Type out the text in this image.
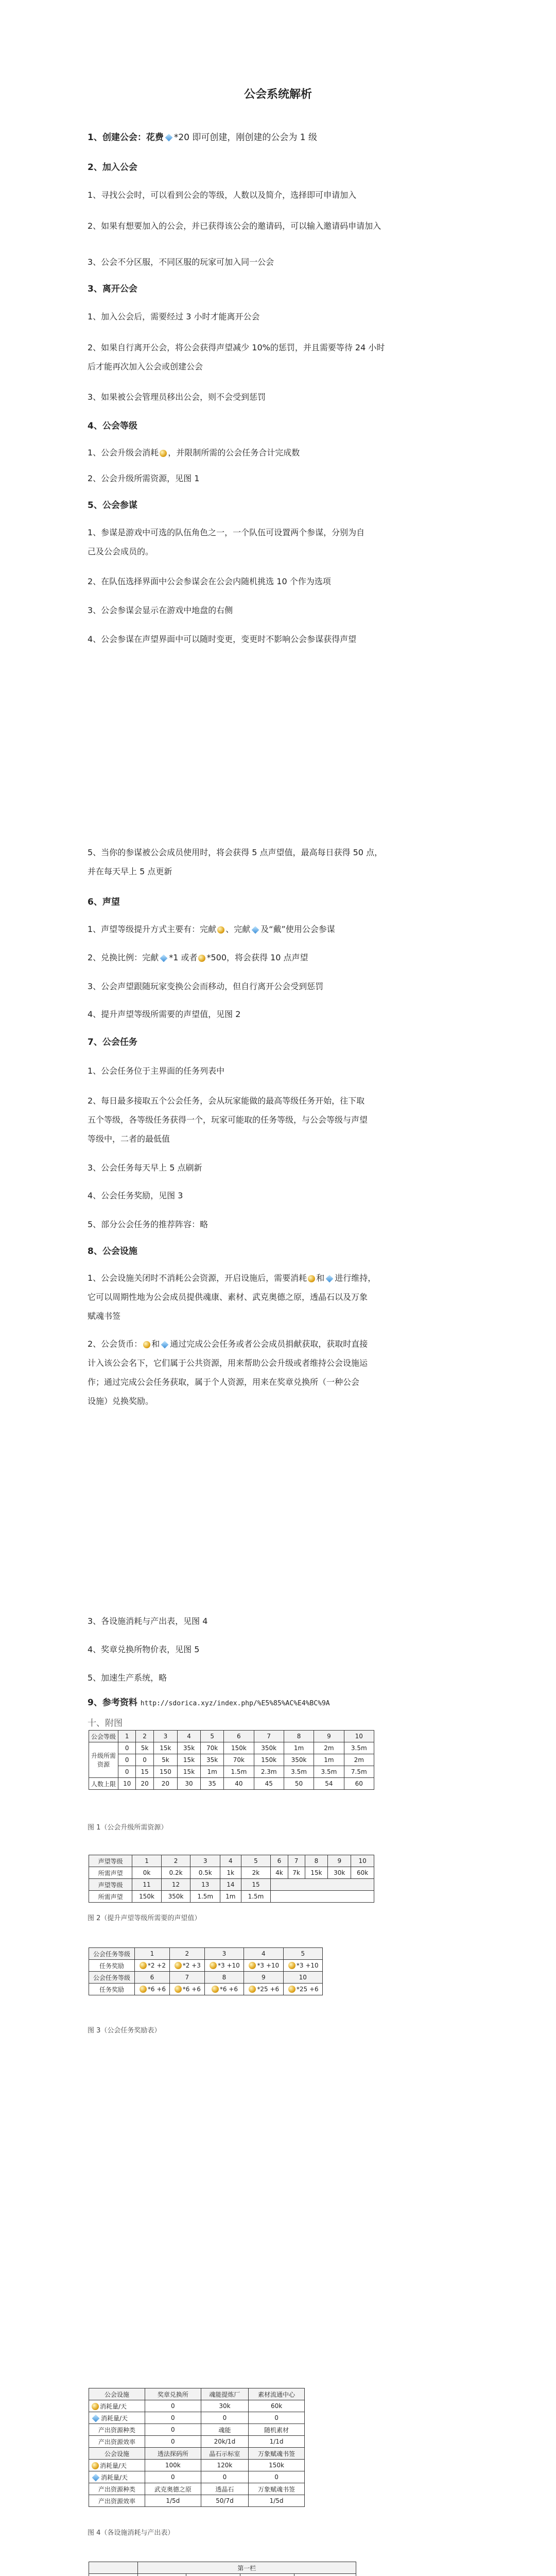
公会系统解析
1、创建公会：花费 *20 即可创建，刚创建的公会为 1 级
2、加入公会
1、寻找公会时，可以看到公会的等级，人数以及简介，选择即可申请加入
2、如果有想要加入的公会，并已获得该公会的邀请码，可以输入邀请码申请加入
3、公会不分区服，不同区服的玩家可加入同一公会
3、离开公会
1、加入公会后，需要经过 3 小时才能离开公会
2、如果自行离开公会，将公会获得声望减少 10%的惩罚，并且需要等待 24 小时
后才能再次加入公会或创建公会
3、如果被公会管理员移出公会，则不会受到惩罚
4、公会等级
1、公会升级会消耗 ，并限制所需的公会任务合计完成数
2、公会升级所需资源，见图 1
5、公会参谋
1、参谋是游戏中可选的队伍角色之一，一个队伍可设置两个参谋，分别为自
己及公会成员的。
2、在队伍选择界面中公会参谋会在公会内随机挑选 10 个作为选项
3、公会参谋会显示在游戏中地盘的右侧
4、公会参谋在声望界面中可以随时变更，变更时不影响公会参谋获得声望
5、当你的参谋被公会成员使用时，将会获得 5 点声望值，最高每日获得 50 点，
并在每天早上 5 点更新
6、声望
1、声望等级提升方式主要有：完献 、完献 及“戴”使用公会参谋
2、兑换比例：完献 *1 或者 *500，将会获得 10 点声望
3、公会声望跟随玩家变换公会而移动，但自行离开公会受到惩罚
4、提升声望等级所需要的声望值，见图 2
7、公会任务
1、公会任务位于主界面的任务列表中
2、每日最多接取五个公会任务，会从玩家能做的最高等级任务开始，往下取
五个等级，各等级任务获得一个，玩家可能取的任务等级，与公会等级与声望
等级中，二者的最低值
3、公会任务每天早上 5 点刷新
4、公会任务奖励，见图 3
5、部分公会任务的推荐阵容：略
8、公会设施
1、公会设施关闭时不消耗公会资源，开启设施后，需要消耗 和 进行维持，
它可以周期性地为公会成员提供魂康、素材、武克奥德之原，透晶石以及万象
赋魂书签
2、公会货币： 和 通过完成公会任务或者公会成员捐献获取，获取时直接
计入该公会名下，它们属于公共资源，用来帮助公会升级或者维持公会设施运
作；通过完成公会任务获取，属于个人资源，用来在奖章兑换所（一种公会
设施）兑换奖励。
3、各设施消耗与产出表，见图 4
4、奖章兑换所物价表，见图 5
5、加速生产系统，略
9、参考资料 http://sdorica.xyz/index.php/%E5%85%AC%E4%BC%9A
十、附图
公会等级	1	2	3	4	5	6	7	8	9	10
升级所需资源	0	5k	15k	35k	70k	150k	350k	1m	2m	3.5m
	0	0	5k	15k	35k	70k	150k	350k	1m	2m
	0	15	150	15k	1m	1.5m	2.3m	3.5m	3.5m	7.5m
人数上限	10	20	20	30	35	40	45	50	54	60
图 1（公会升级所需资源）
声望等级	1	2	3	4	5	6	7	8	9	10
所需声望	0k	0.2k	0.5k	1k	2k	4k	7k	15k	30k	60k
声望等级	11	12	13	14	15					
所需声望	150k	350k	1.5m	1m	1.5m					
图 2（提升声望等级所需要的声望值）
公会任务等级	1	2	3	4	5
任务奖励	*2 +2	*2 +3	*3 +10	*3 +10	*3 +10
公会任务等级	6	7	8	9	10
任务奖励	*6 +6	*6 +6	*6 +6	*25 +6	*25 +6
图 3（公会任务奖励表）
公会设施	奖章兑换所	魂能提炼厂	素材流通中心
消耗量/天	0	30k	60k
消耗量/天	0	0	0
产出资源种类	0	魂能	随机素材
产出资源效率	0	20k/1d	1/1d
公会设施	透法探码所	晶石示标室	万象赋魂书签
消耗量/天	100k	120k	150k
消耗量/天	0	0	0
产出资源种类	武克奥德之原	透晶石	万象赋魂书签
产出资源效率	1/5d	50/7d	1/5d
图 4（各设施消耗与产出表）
	第一栏			
